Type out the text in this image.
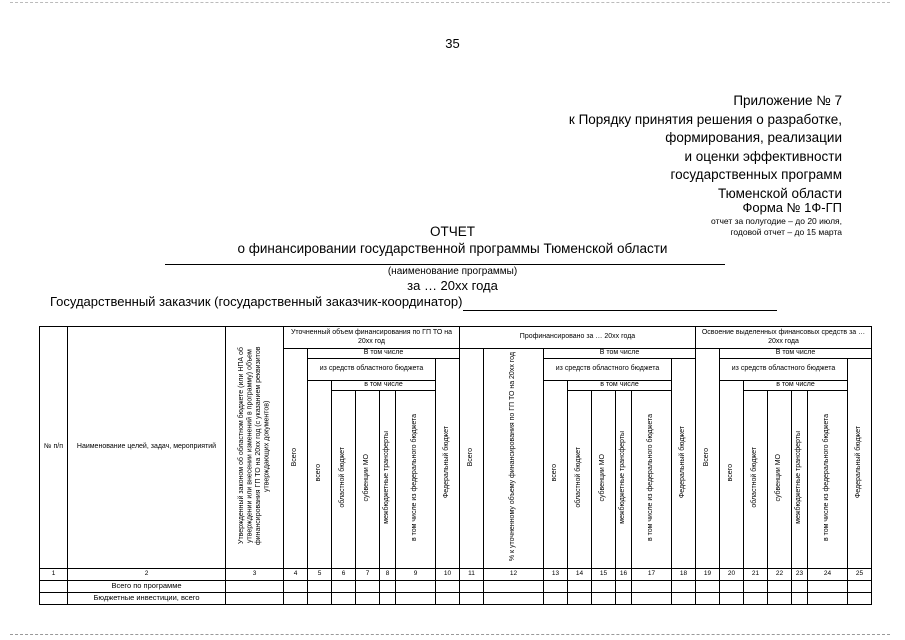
35
Приложение № 7
к Порядку принятия решения о разработке,
формирования, реализации
и оценки эффективности
государственных программ
Тюменской области
Форма № 1Ф-ГП
отчет за полугодие – до 20 июля,
годовой отчет – до 15 марта
ОТЧЕТ
о финансировании государственной программы Тюменской области
(наименование программы)
за … 20хх года
Государственный заказчик (государственный заказчик-координатор)
№ п/п	Наименование целей, задач, мероприятий	Утвержденный законом об областном бюджете (или НПА об утверждении или внесении изменений в программу) объем финансирования ГП ТО на 20хх год (с указанием реквизитов утверждающих документов)	Уточненный объем финансирования по ГП ТО на 20хх год							Профинансировано за … 20хх года								Освоение выделенных финансовых средств за … 20хх года						
			Всего	В том числе						Всего	% к уточненному объему финансирования по ГП ТО на 20хх год	В том числе						Всего	В том числе					
				из средств областного бюджета					Федеральный бюджет			из средств областного бюджета					Федеральный бюджет		из средств областного бюджета					Федеральный бюджет
				всего	в том числе							всего	в том числе						всего	в том числе				
					областной бюджет	субвенции МО	межбюджетные трансферты	в том числе из федерального бюджета					областной бюджет	субвенции МО	межбюджетные трансферты	в том числе из федерального бюджета				областной бюджет	субвенции МО	межбюджетные трансферты	в том числе из федерального бюджета	
1	2	3	4	5	6	7	8	9	10	11	12	13	14	15	16	17	18	19	20	21	22	23	24	25
	Всего по программе																							
	Бюджетные инвестиции, всего																							
